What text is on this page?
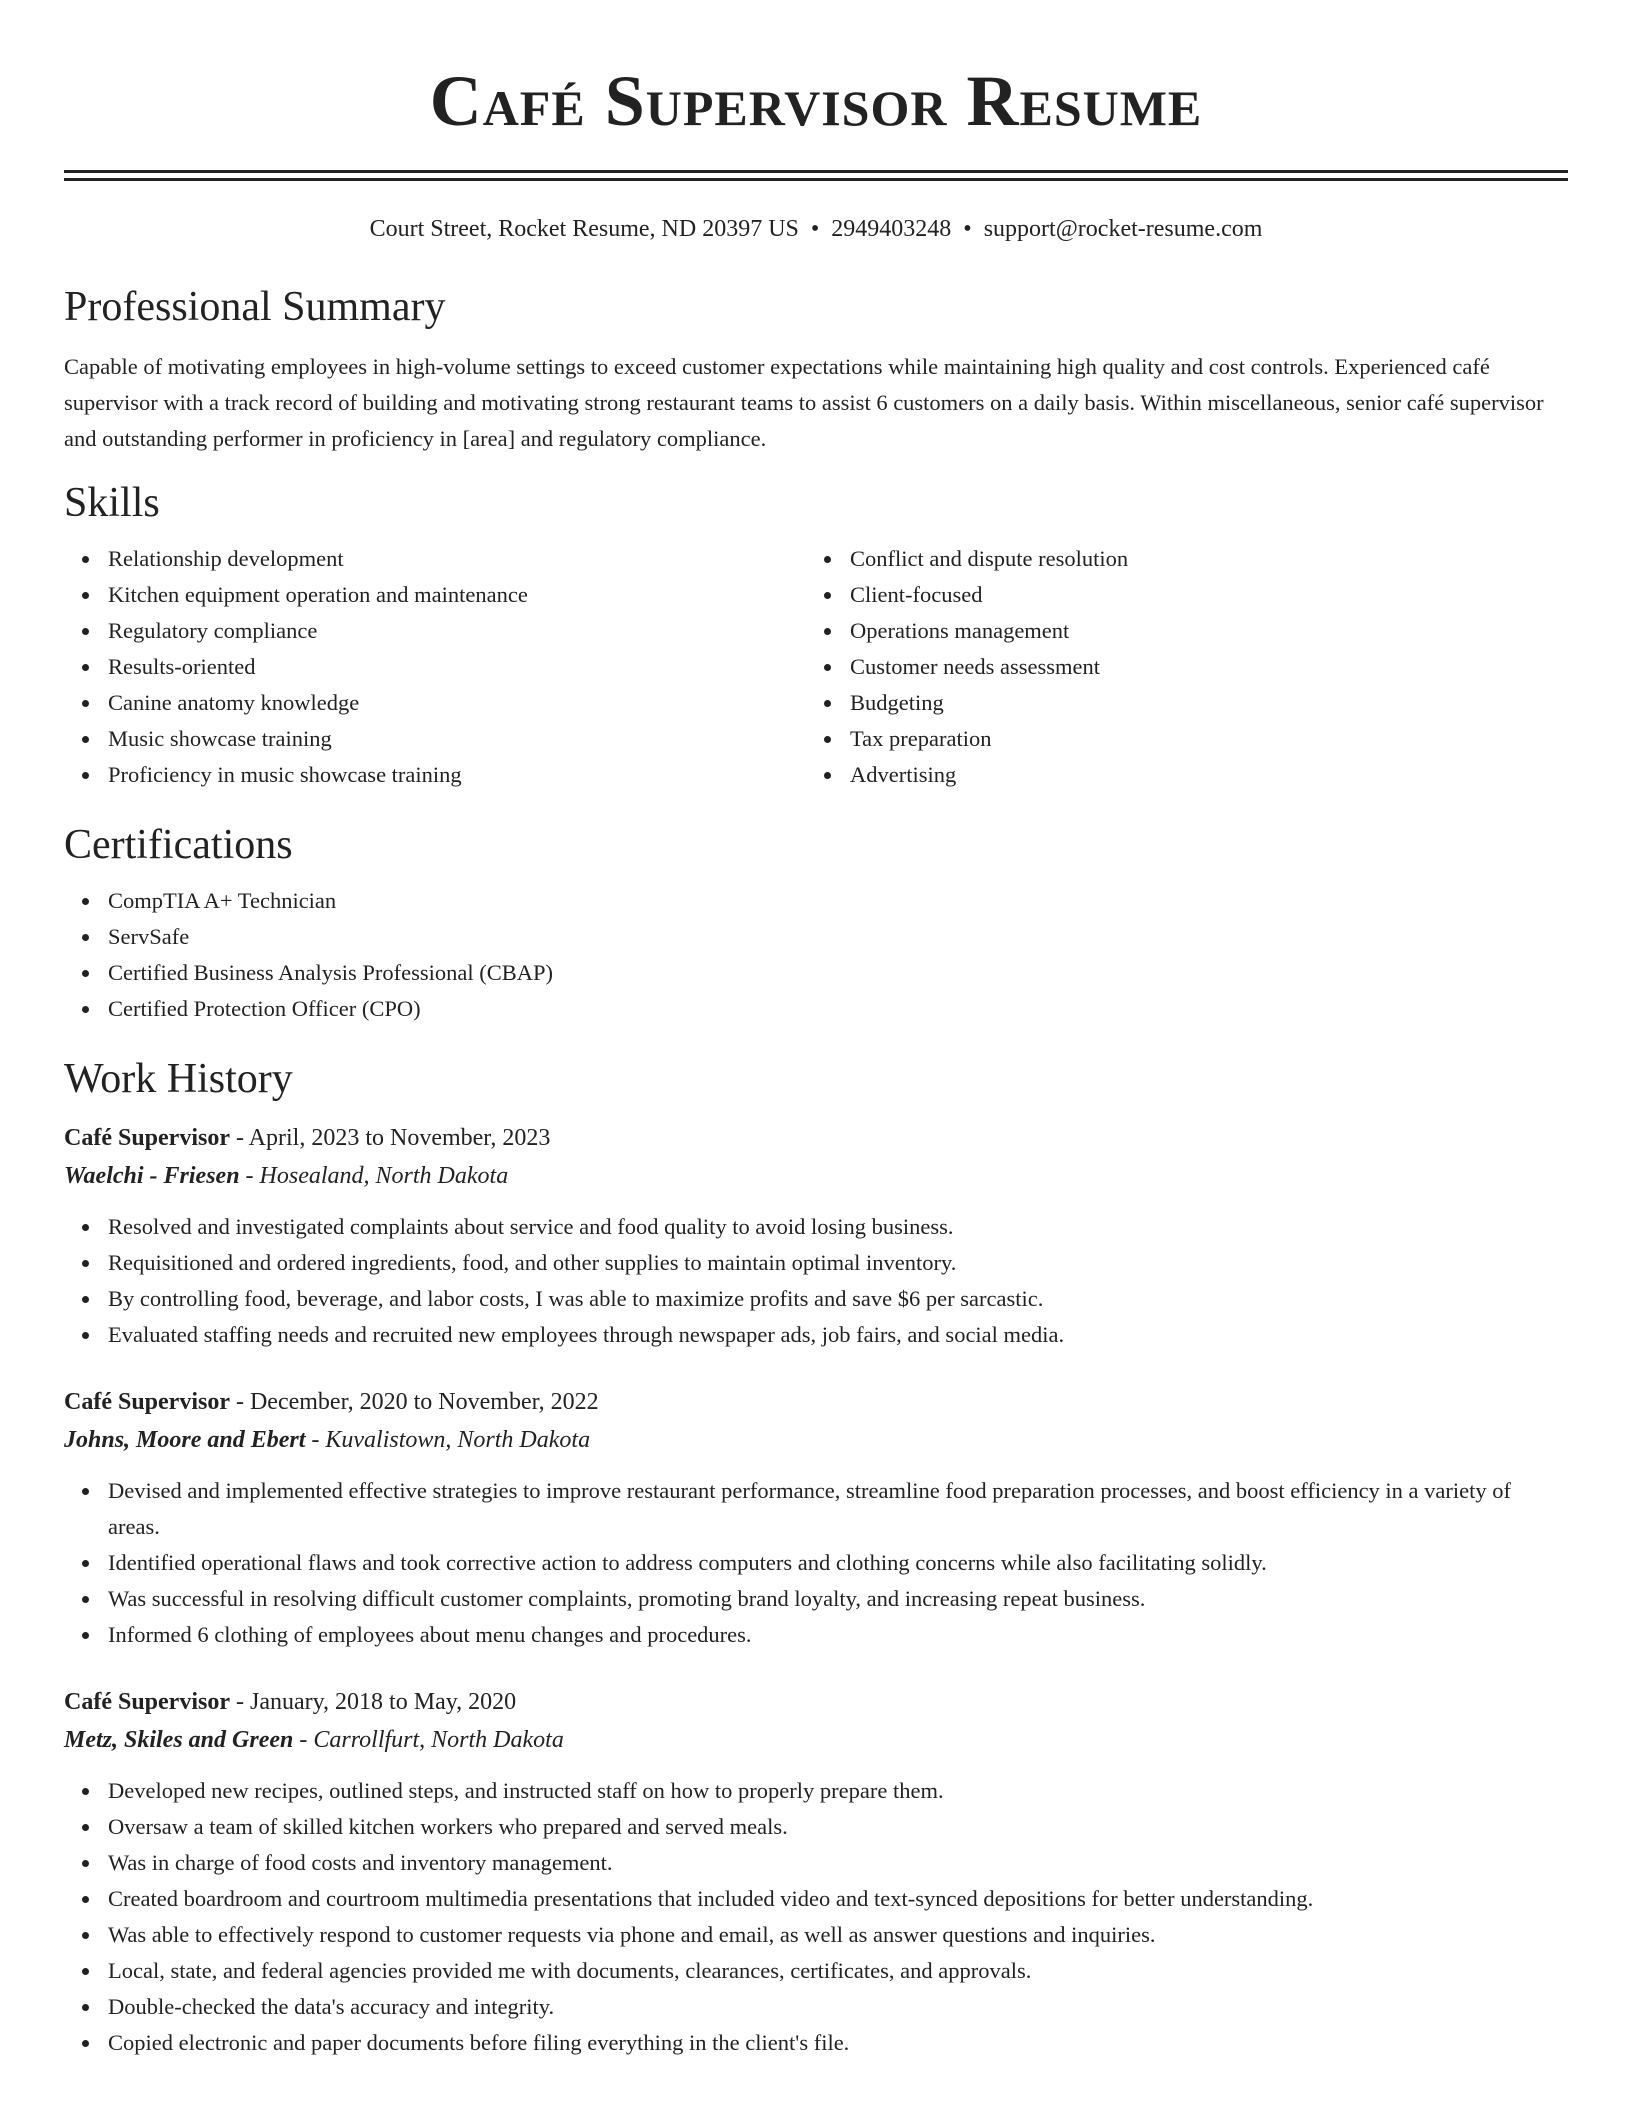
Café Supervisor Resume
Court Street, Rocket Resume, ND 20397 US • 2949403248 • support@rocket-resume.com
Professional Summary

Capable of motivating employees in high-volume settings to exceed customer expectations while maintaining high quality and cost controls. Experienced café supervisor with a track record of building and motivating strong restaurant teams to assist 6 customers on a daily basis. Within miscellaneous, senior café supervisor and outstanding performer in proficiency in [area] and regulatory compliance.

Skills
Relationship development
Kitchen equipment operation and maintenance
Regulatory compliance
Results-oriented
Canine anatomy knowledge
Music showcase training
Proficiency in music showcase training
Conflict and dispute resolution
Client-focused
Operations management
Customer needs assessment
Budgeting
Tax preparation
Advertising
Certifications
CompTIA A+ Technician
ServSafe
Certified Business Analysis Professional (CBAP)
Certified Protection Officer (CPO)
Work History
Café Supervisor - April, 2023 to November, 2023
Waelchi - Friesen - Hosealand, North Dakota
Resolved and investigated complaints about service and food quality to avoid losing business.
Requisitioned and ordered ingredients, food, and other supplies to maintain optimal inventory.
By controlling food, beverage, and labor costs, I was able to maximize profits and save $6 per sarcastic.
Evaluated staffing needs and recruited new employees through newspaper ads, job fairs, and social media.
Café Supervisor - December, 2020 to November, 2022
Johns, Moore and Ebert - Kuvalistown, North Dakota
Devised and implemented effective strategies to improve restaurant performance, streamline food preparation processes, and boost efficiency in a variety of areas.
Identified operational flaws and took corrective action to address computers and clothing concerns while also facilitating solidly.
Was successful in resolving difficult customer complaints, promoting brand loyalty, and increasing repeat business.
Informed 6 clothing of employees about menu changes and procedures.
Café Supervisor - January, 2018 to May, 2020
Metz, Skiles and Green - Carrollfurt, North Dakota
Developed new recipes, outlined steps, and instructed staff on how to properly prepare them.
Oversaw a team of skilled kitchen workers who prepared and served meals.
Was in charge of food costs and inventory management.
Created boardroom and courtroom multimedia presentations that included video and text-synced depositions for better understanding.
Was able to effectively respond to customer requests via phone and email, as well as answer questions and inquiries.
Local, state, and federal agencies provided me with documents, clearances, certificates, and approvals.
Double-checked the data's accuracy and integrity.
Copied electronic and paper documents before filing everything in the client's file.
